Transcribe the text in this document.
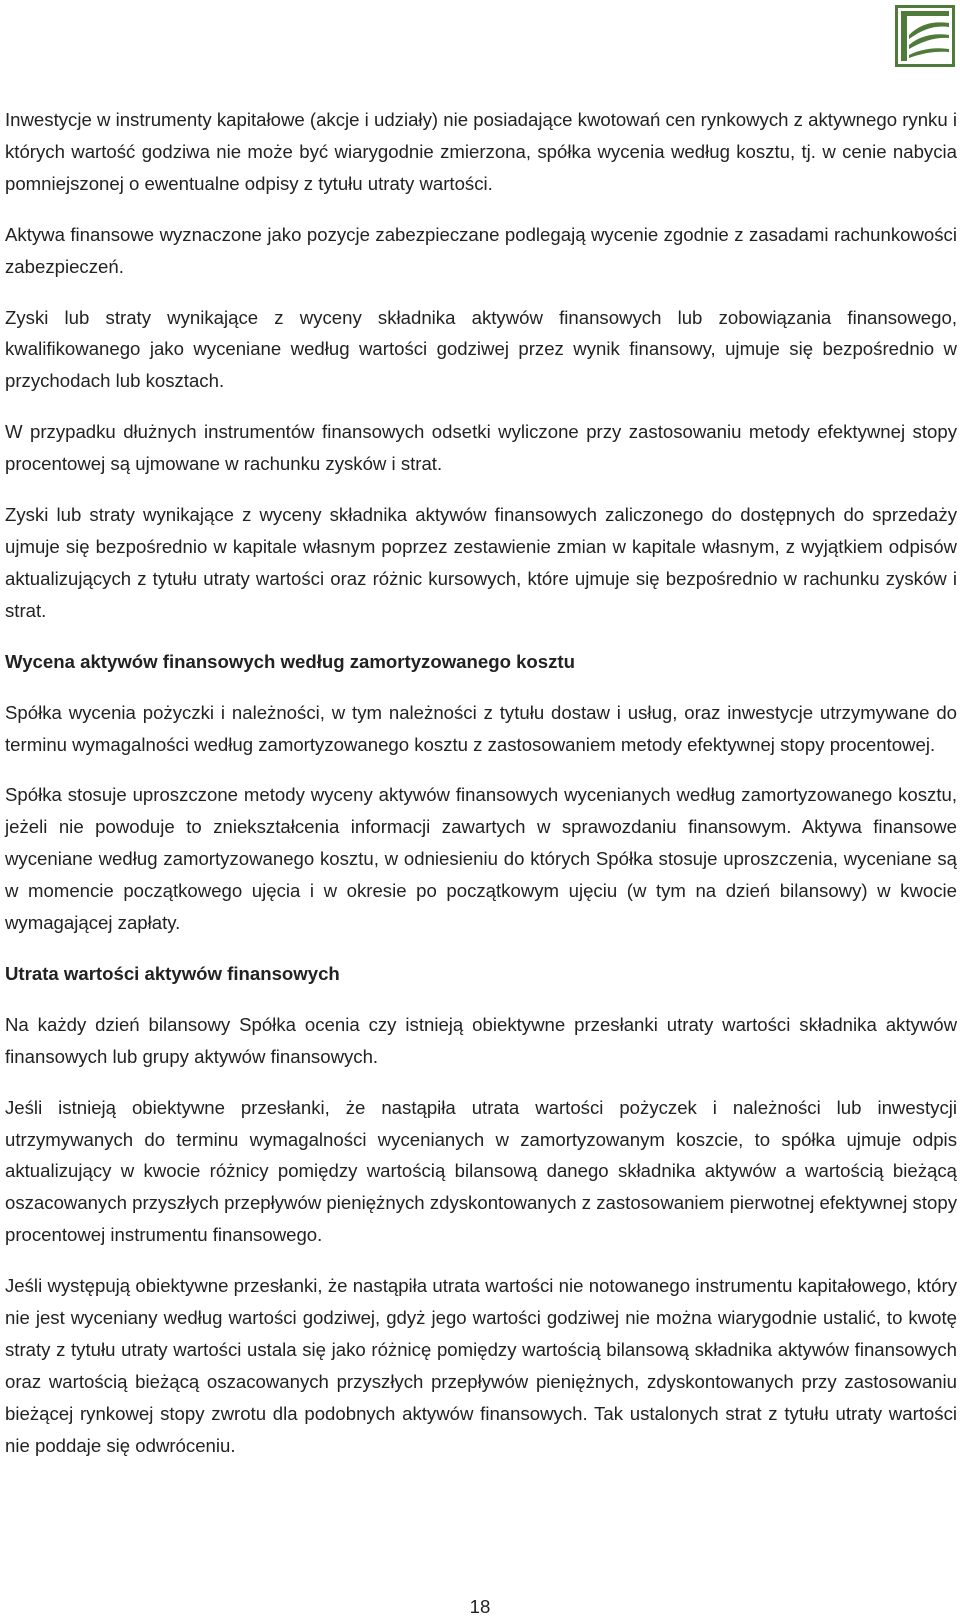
Inwestycje w instrumenty kapitałowe (akcje i udziały) nie posiadające kwotowań cen rynkowych z aktywnego rynku i których wartość godziwa nie może być wiarygodnie zmierzona, spółka wycenia według kosztu, tj. w cenie nabycia pomniejszonej o ewentualne odpisy z tytułu utraty wartości.

Aktywa finansowe wyznaczone jako pozycje zabezpieczane podlegają wycenie zgodnie z zasadami rachunkowości zabezpieczeń.

Zyski lub straty wynikające z wyceny składnika aktywów finansowych lub zobowiązania finansowego, kwalifikowanego jako wyceniane według wartości godziwej przez wynik finansowy, ujmuje się bezpośrednio w przychodach lub kosztach.

W przypadku dłużnych instrumentów finansowych odsetki wyliczone przy zastosowaniu metody efektywnej stopy procentowej są ujmowane w rachunku zysków i strat.

Zyski lub straty wynikające z wyceny składnika aktywów finansowych zaliczonego do dostępnych do sprzedaży ujmuje się bezpośrednio w kapitale własnym poprzez zestawienie zmian w kapitale własnym, z wyjątkiem odpisów aktualizujących z tytułu utraty wartości oraz różnic kursowych, które ujmuje się bezpośrednio w rachunku zysków i strat.

Wycena aktywów finansowych według zamortyzowanego kosztu

Spółka wycenia pożyczki i należności, w tym należności z tytułu dostaw i usług, oraz inwestycje utrzymywane do terminu wymagalności według zamortyzowanego kosztu z zastosowaniem metody efektywnej stopy procentowej.

Spółka stosuje uproszczone metody wyceny aktywów finansowych wycenianych według zamortyzowanego kosztu, jeżeli nie powoduje to zniekształcenia informacji zawartych w sprawozdaniu finansowym. Aktywa finansowe wyceniane według zamortyzowanego kosztu, w odniesieniu do których Spółka stosuje uproszczenia, wyceniane są w momencie początkowego ujęcia i w okresie po początkowym ujęciu (w tym na dzień bilansowy) w kwocie wymagającej zapłaty.

Utrata wartości aktywów finansowych

Na każdy dzień bilansowy Spółka ocenia czy istnieją obiektywne przesłanki utraty wartości składnika aktywów finansowych lub grupy aktywów finansowych.

Jeśli istnieją obiektywne przesłanki, że nastąpiła utrata wartości pożyczek i należności lub inwestycji utrzymywanych do terminu wymagalności wycenianych w zamortyzowanym koszcie, to spółka ujmuje odpis aktualizujący w kwocie różnicy pomiędzy wartością bilansową danego składnika aktywów a wartością bieżącą oszacowanych przyszłych przepływów pieniężnych zdyskontowanych z zastosowaniem pierwotnej efektywnej stopy procentowej instrumentu finansowego.

Jeśli występują obiektywne przesłanki, że nastąpiła utrata wartości nie notowanego instrumentu kapitałowego, który nie jest wyceniany według wartości godziwej, gdyż jego wartości godziwej nie można wiarygodnie ustalić, to kwotę straty z tytułu utraty wartości ustala się jako różnicę pomiędzy wartością bilansową składnika aktywów finansowych oraz wartością bieżącą oszacowanych przyszłych przepływów pieniężnych, zdyskontowanych przy zastosowaniu bieżącej rynkowej stopy zwrotu dla podobnych aktywów finansowych. Tak ustalonych strat z tytułu utraty wartości nie poddaje się odwróceniu.

18
